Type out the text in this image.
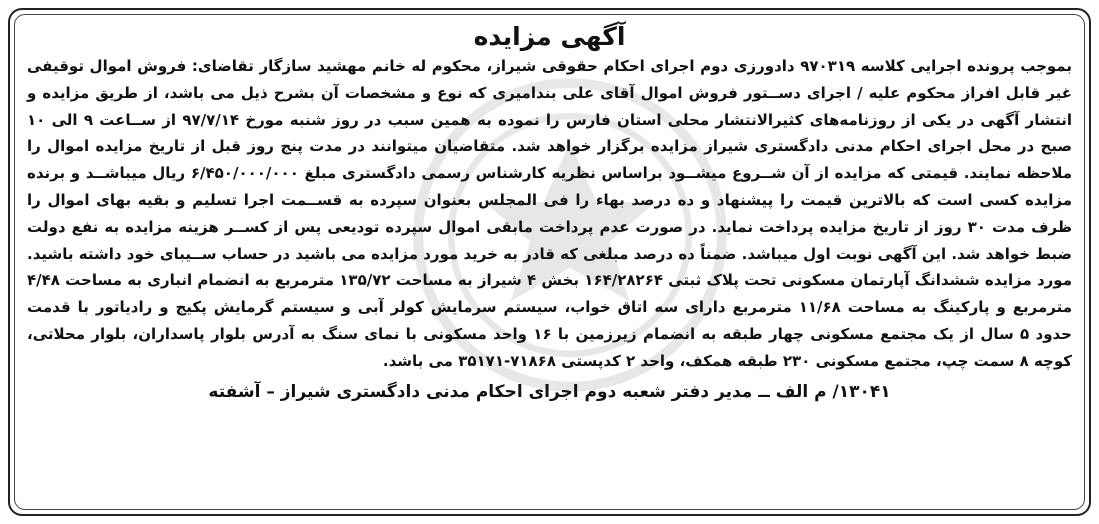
آگهی مزایده

بموجب پرونده اجرایی کلاسه ۹۷۰۳۱۹ دادورزی دوم اجرای احکام حقوقی شیراز، محکوم له خانم مهشید سازگار تقاضای: فروش اموال توقیفی غیر قابل افراز محکوم علیه / اجرای دســتور فروش اموال آقای علی بندامیری که نوع و مشخصات آن بشرح ذیل می باشد، از طریق مزایده و انتشار آگهی در یکی از روزنامه‌های کثیرالانتشار محلی استان فارس را نموده به همین سبب در روز شنبه مورخ ۹۷/۷/۱۴ از ســاعت ۹ الی ۱۰ صبح در محل اجرای احکام مدنی دادگستری شیراز مزایده برگزار خواهد شد. متقاضیان میتوانند در مدت پنج روز قبل از تاریخ مزایده اموال را ملاحظه نمایند. قیمتی که مزایده از آن شــروع میشــود براساس نظریه کارشناس رسمی دادگستری مبلغ ۶/۴۵۰/۰۰۰/۰۰۰ ریال میباشــد و برنده مزایده کسی است که بالاترین قیمت را پیشنهاد و ده درصد بهاء را فی المجلس بعنوان سپرده به قســمت اجرا تسلیم و بقیه بهای اموال را ظرف مدت ۳۰ روز از تاریخ مزایده پرداخت نماید. در صورت عدم پرداخت مابقی اموال سپرده تودیعی پس از کســر هزینه مزایده به نفع دولت ضبط خواهد شد. این آگهی نوبت اول میباشد. ضمناً ده درصد مبلغی که قادر به خرید مورد مزایده می باشید در حساب ســیبای خود داشته باشید. مورد مزایده ششدانگ آپارتمان مسکونی تحت پلاک ثبتی ۱۶۴/۲۸۲۶۴ بخش ۴ شیراز به مساحت ۱۳۵/۷۲ مترمربع به انضمام انباری به مساحت ۴/۴۸ مترمربع و پارکینگ به مساحت ۱۱/۶۸ مترمربع دارای سه اتاق خواب، سیستم سرمایش کولر آبی و سیستم گرمایش پکیج و رادیاتور با قدمت حدود ۵ سال از یک مجتمع مسکونی چهار طبقه به انضمام زیرزمین با ۱۶ واحد مسکونی با نمای سنگ به آدرس بلوار پاسداران، بلوار محلاتی، کوچه ۸ سمت چپ، مجتمع مسکونی ۲۳۰ طبقه همکف، واحد ۲ کدپستی ۷۱۸۶۸-۳۵۱۷۱ می باشد.

۱۳۰۴۱/ م الف ــ مدیر دفتر شعبه دوم اجرای احکام مدنی دادگستری شیراز – آشفته
